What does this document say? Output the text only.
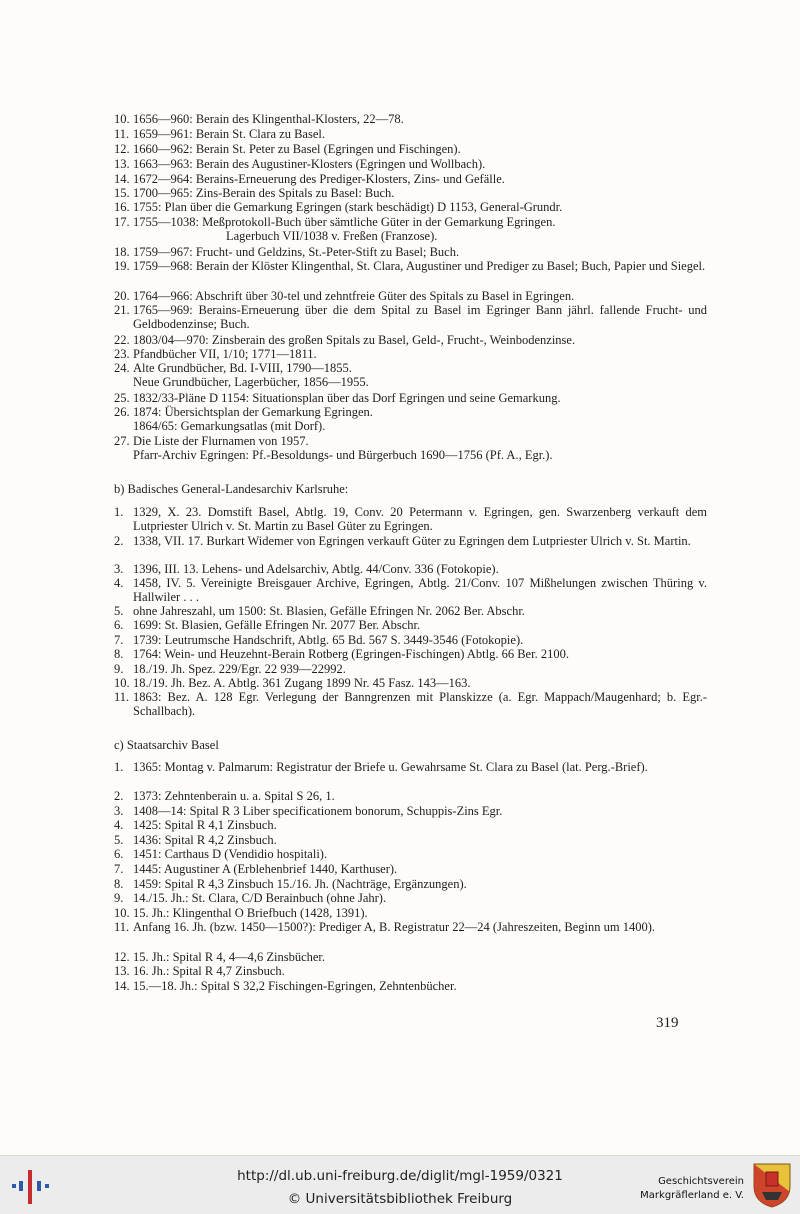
10. 1656—960: Berain des Klingenthal-Klosters, 22—78.
11. 1659—961: Berain St. Clara zu Basel.
12. 1660—962: Berain St. Peter zu Basel (Egringen und Fischingen).
13. 1663—963: Berain des Augustiner-Klosters (Egringen und Wollbach).
14. 1672—964: Berains-Erneuerung des Prediger-Klosters, Zins- und Gefälle.
15. 1700—965: Zins-Berain des Spitals zu Basel: Buch.
16. 1755: Plan über die Gemarkung Egringen (stark beschädigt) D 1153, General-Grundr.
17. 1755—1038: Meßprotokoll-Buch über sämtliche Güter in der Gemarkung Egringen.
Lagerbuch VII/1038 v. Freßen (Franzose).
18. 1759—967: Frucht- und Geldzins, St.-Peter-Stift zu Basel; Buch.
19. 1759—968: Berain der Klöster Klingenthal, St. Clara, Augustiner und Prediger zu Basel; Buch, Papier und Siegel.
20. 1764—966: Abschrift über 30-tel und zehntfreie Güter des Spitals zu Basel in Egringen.
21. 1765—969: Berains-Erneuerung über die dem Spital zu Basel im Egringer Bann jährl. fallende Frucht- und Geldbodenzinse; Buch.
22. 1803/04—970: Zinsberain des großen Spitals zu Basel, Geld-, Frucht-, Weinbodenzinse.
23. Pfandbücher VII, 1/10; 1771—1811.
24. Alte Grundbücher, Bd. I-VIII, 1790—1855.
Neue Grundbücher, Lagerbücher, 1856—1955.
25. 1832/33-Pläne D 1154: Situationsplan über das Dorf Egringen und seine Gemarkung.
26. 1874: Übersichtsplan der Gemarkung Egringen.
1864/65: Gemarkungsatlas (mit Dorf).
27. Die Liste der Flurnamen von 1957.
Pfarr-Archiv Egringen: Pf.-Besoldungs- und Bürgerbuch 1690—1756 (Pf. A., Egr.).
b) Badisches General-Landesarchiv Karlsruhe:
1. 1329, X. 23. Domstift Basel, Abtlg. 19, Conv. 20 Petermann v. Egringen, gen. Swarzenberg verkauft dem Lutpriester Ulrich v. St. Martin zu Basel Güter zu Egringen.
2. 1338, VII. 17. Burkart Widemer von Egringen verkauft Güter zu Egringen dem Lutpriester Ulrich v. St. Martin.
3. 1396, III. 13. Lehens- und Adelsarchiv, Abtlg. 44/Conv. 336 (Fotokopie).
4. 1458, IV. 5. Vereinigte Breisgauer Archive, Egringen, Abtlg. 21/Conv. 107 Mißhelungen zwischen Thüring v. Hallwiler . . .
5. ohne Jahreszahl, um 1500: St. Blasien, Gefälle Efringen Nr. 2062 Ber. Abschr.
6. 1699: St. Blasien, Gefälle Efringen Nr. 2077 Ber. Abschr.
7. 1739: Leutrumsche Handschrift, Abtlg. 65 Bd. 567 S. 3449-3546 (Fotokopie).
8. 1764: Wein- und Heuzehnt-Berain Rotberg (Egringen-Fischingen) Abtlg. 66 Ber. 2100.
9. 18./19. Jh. Spez. 229/Egr. 22 939—22992.
10. 18./19. Jh. Bez. A. Abtlg. 361 Zugang 1899 Nr. 45 Fasz. 143—163.
11. 1863: Bez. A. 128 Egr. Verlegung der Banngrenzen mit Planskizze (a. Egr. Mappach/Maugenhard; b. Egr.-Schallbach).
c) Staatsarchiv Basel
1. 1365: Montag v. Palmarum: Registratur der Briefe u. Gewahrsame St. Clara zu Basel (lat. Perg.-Brief).
2. 1373: Zehntenberain u. a. Spital S 26, 1.
3. 1408—14: Spital R 3 Liber specificationem bonorum, Schuppis-Zins Egr.
4. 1425: Spital R 4,1 Zinsbuch.
5. 1436: Spital R 4,2 Zinsbuch.
6. 1451: Carthaus D (Vendidio hospitali).
7. 1445: Augustiner A (Erblehenbrief 1440, Karthuser).
8. 1459: Spital R 4,3 Zinsbuch 15./16. Jh. (Nachträge, Ergänzungen).
9. 14./15. Jh.: St. Clara, C/D Berainbuch (ohne Jahr).
10. 15. Jh.: Klingenthal O Briefbuch (1428, 1391).
11. Anfang 16. Jh. (bzw. 1450—1500?): Prediger A, B. Registratur 22—24 (Jahreszeiten, Beginn um 1400).
12. 15. Jh.: Spital R 4, 4—4,6 Zinsbücher.
13. 16. Jh.: Spital R 4,7 Zinsbuch.
14. 15.—18. Jh.: Spital S 32,2 Fischingen-Egringen, Zehntenbücher.
319
http://dl.ub.uni-freiburg.de/diglit/mgl-1959/0321
© Universitätsbibliothek Freiburg
Geschichtsverein
Markgräflerland e. V.
